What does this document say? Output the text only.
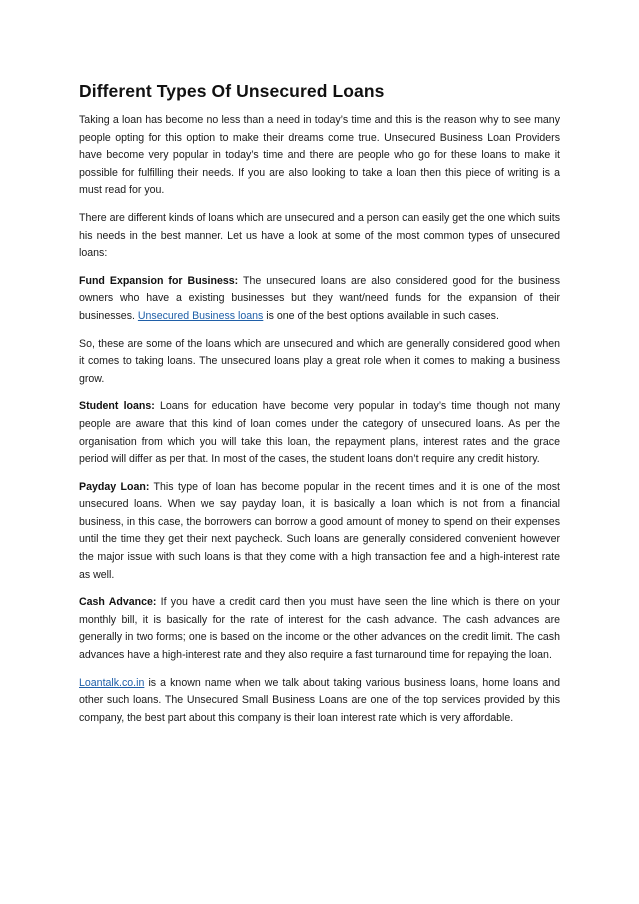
Different Types Of Unsecured Loans

Taking a loan has become no less than a need in today’s time and this is the reason why to see many people opting for this option to make their dreams come true. Unsecured Business Loan Providers have become very popular in today’s time and there are people who go for these loans to make it possible for fulfilling their needs. If you are also looking to take a loan then this piece of writing is a must read for you.

There are different kinds of loans which are unsecured and a person can easily get the one which suits his needs in the best manner. Let us have a look at some of the most common types of unsecured loans:

Fund Expansion for Business: The unsecured loans are also considered good for the business owners who have a existing businesses but they want/need funds for the expansion of their businesses. Unsecured Business loans is one of the best options available in such cases.

So, these are some of the loans which are unsecured and which are generally considered good when it comes to taking loans. The unsecured loans play a great role when it comes to making a business grow.

Student loans: Loans for education have become very popular in today’s time though not many people are aware that this kind of loan comes under the category of unsecured loans. As per the organisation from which you will take this loan, the repayment plans, interest rates and the grace period will differ as per that. In most of the cases, the student loans don’t require any credit history.

Payday Loan: This type of loan has become popular in the recent times and it is one of the most unsecured loans. When we say payday loan, it is basically a loan which is not from a financial business, in this case, the borrowers can borrow a good amount of money to spend on their expenses until the time they get their next paycheck. Such loans are generally considered convenient however the major issue with such loans is that they come with a high transaction fee and a high-interest rate as well.

Cash Advance: If you have a credit card then you must have seen the line which is there on your monthly bill, it is basically for the rate of interest for the cash advance. The cash advances are generally in two forms; one is based on the income or the other advances on the credit limit. The cash advances have a high-interest rate and they also require a fast turnaround time for repaying the loan.

Loantalk.co.in is a known name when we talk about taking various business loans, home loans and other such loans. The Unsecured Small Business Loans are one of the top services provided by this company, the best part about this company is their loan interest rate which is very affordable.
